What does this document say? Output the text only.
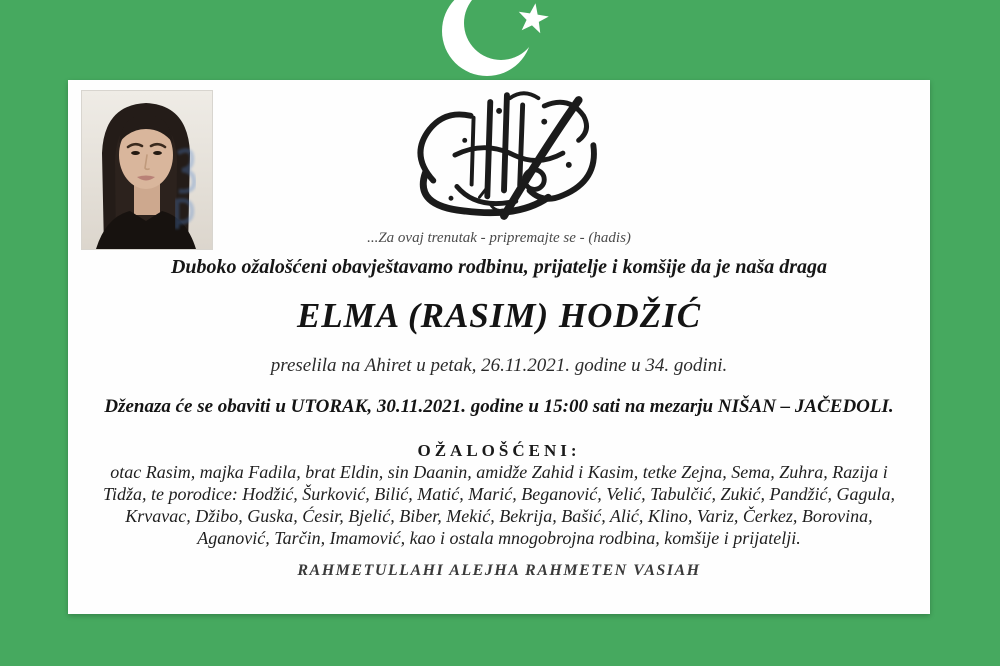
...Za ovaj trenutak - pripremajte se - (hadis)
Duboko ožalošćeni obavještavamo rodbinu, prijatelje i komšije da je naša draga
ELMA (RASIM) HODŽIĆ
preselila na Ahiret u petak, 26.11.2021. godine u 34. godini.
Dženaza će se obaviti u UTORAK, 30.11.2021. godine u 15:00 sati na mezarju NIŠAN – JAČEDOLI.
OŽALOŠĆENI:
otac Rasim, majka Fadila, brat Eldin, sin Daanin, amidže Zahid i Kasim, tetke Zejna, Sema, Zuhra, Razija i
Tidža, te porodice: Hodžić, Šurković, Bilić, Matić, Marić, Beganović, Velić, Tabulčić, Zukić, Pandžić, Gagula,
Krvavac, Džibo, Guska, Ćesir, Bjelić, Biber, Mekić, Bekrija, Bašić, Alić, Klino, Variz, Čerkez, Borovina,
Aganović, Tarčin, Imamović, kao i ostala mnogobrojna rodbina, komšije i prijatelji.
RAHMETULLAHI ALEJHA RAHMETEN VASIAH
